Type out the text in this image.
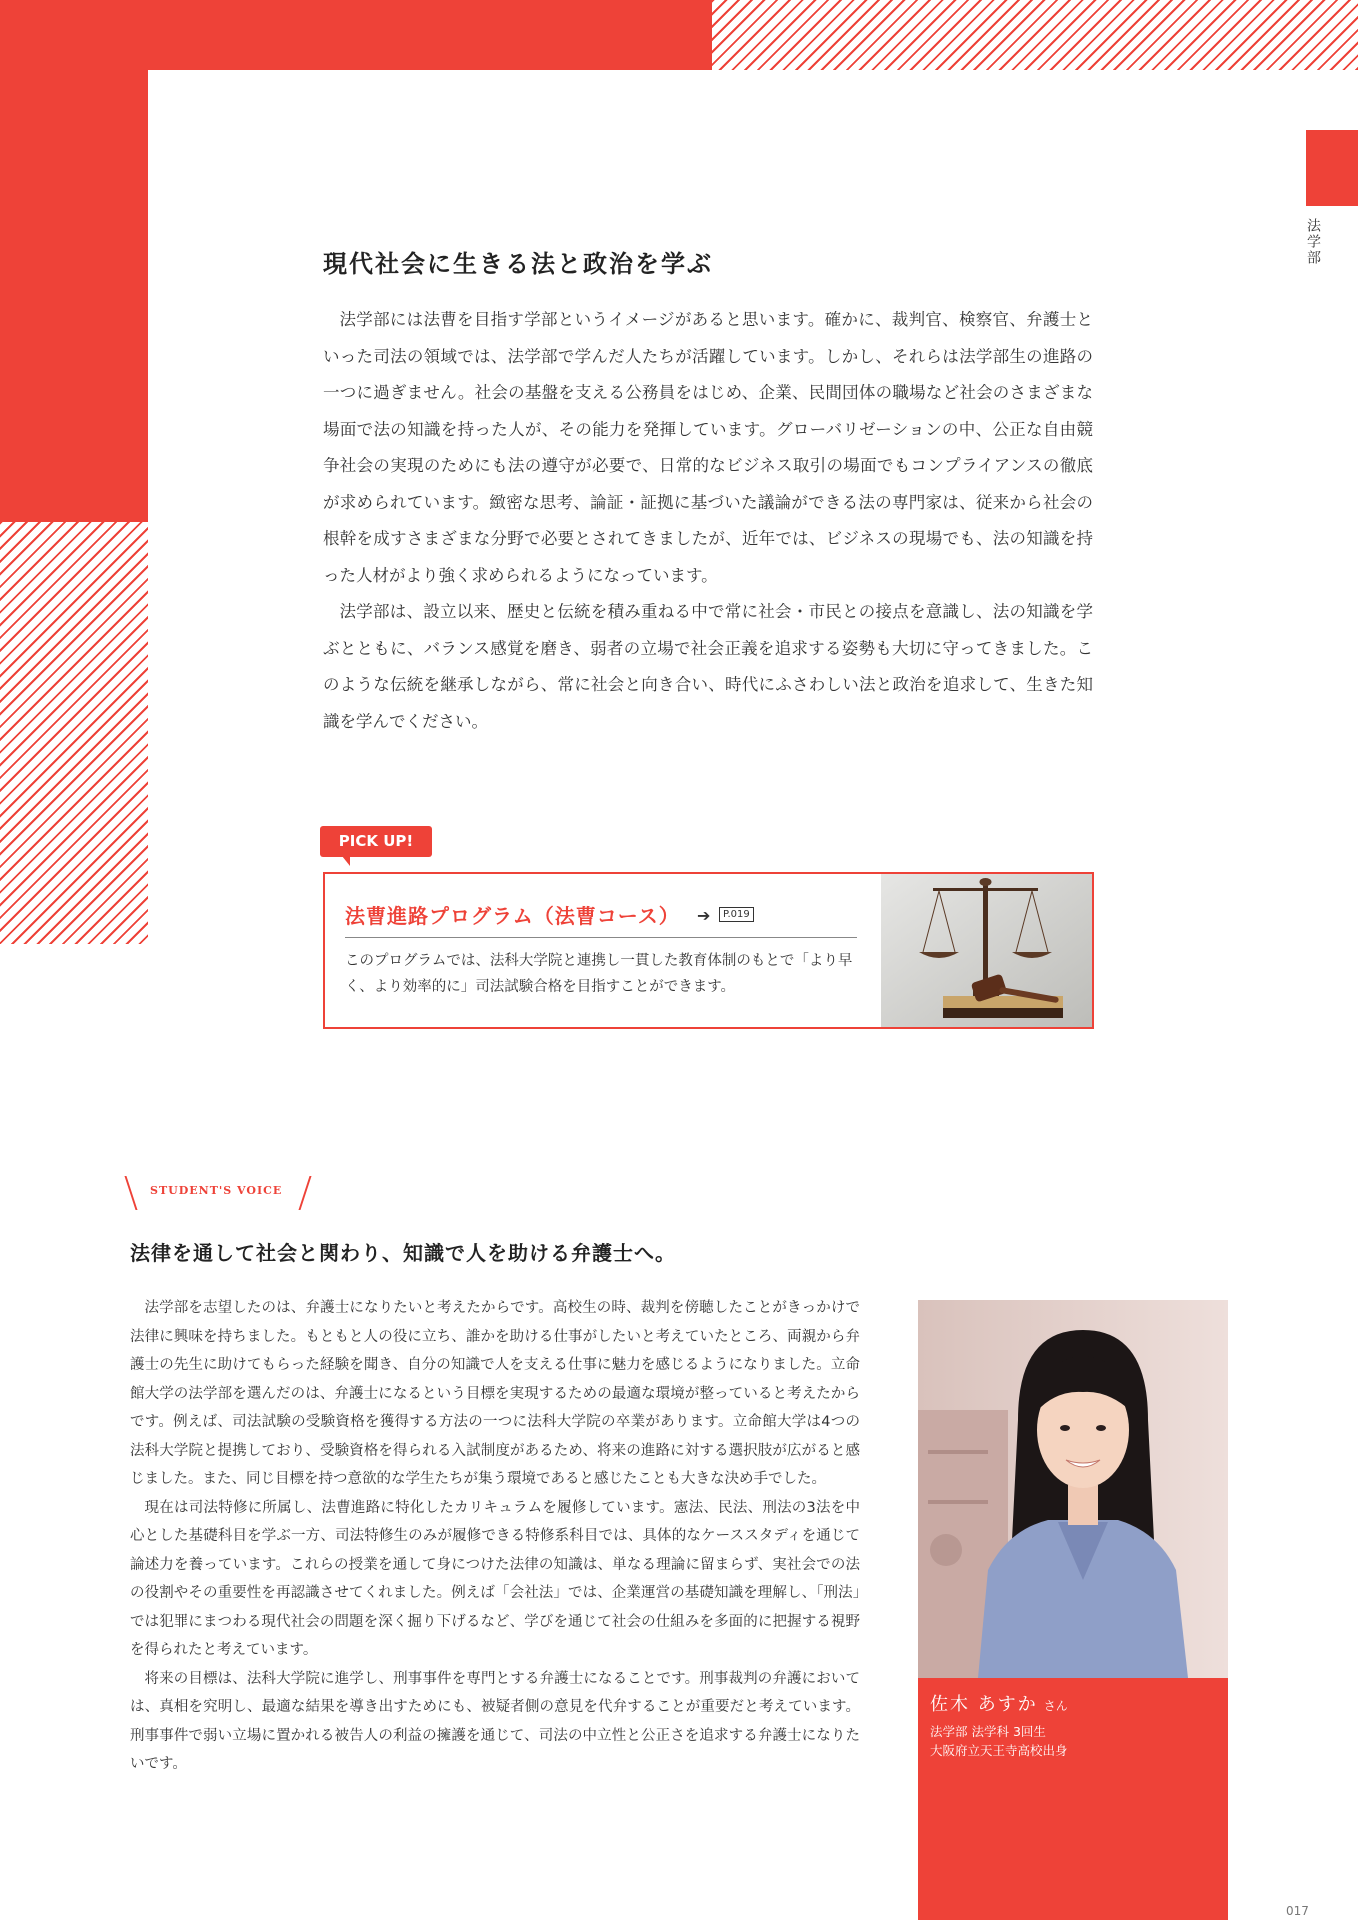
法学部
現代社会に生きる法と政治を学ぶ

法学部には法曹を目指す学部というイメージがあると思います。確かに、裁判官、検察官、弁護士といった司法の領域では、法学部で学んだ人たちが活躍しています。しかし、それらは法学部生の進路の一つに過ぎません。社会の基盤を支える公務員をはじめ、企業、民間団体の職場など社会のさまざまな場面で法の知識を持った人が、その能力を発揮しています。グローバリゼーションの中、公正な自由競争社会の実現のためにも法の遵守が必要で、日常的なビジネス取引の場面でもコンプライアンスの徹底が求められています。緻密な思考、論証・証拠に基づいた議論ができる法の専門家は、従来から社会の根幹を成すさまざまな分野で必要とされてきましたが、近年では、ビジネスの現場でも、法の知識を持った人材がより強く求められるようになっています。

法学部は、設立以来、歴史と伝統を積み重ねる中で常に社会・市民との接点を意識し、法の知識を学ぶとともに、バランス感覚を磨き、弱者の立場で社会正義を追求する姿勢も大切に守ってきました。このような伝統を継承しながら、常に社会と向き合い、時代にふさわしい法と政治を追求して、生きた知識を学んでください。

PICK UP!
法曹進路プログラム（法曹コース） ➔	P.019

このプログラムでは、法科大学院と連携し一貫した教育体制のもとで「より早く、より効率的に」司法試験合格を目指すことができます。

STUDENT'S VOICE
法律を通して社会と関わり、知識で人を助ける弁護士へ。

法学部を志望したのは、弁護士になりたいと考えたからです。高校生の時、裁判を傍聴したことがきっかけで法律に興味を持ちました。もともと人の役に立ち、誰かを助ける仕事がしたいと考えていたところ、両親から弁護士の先生に助けてもらった経験を聞き、自分の知識で人を支える仕事に魅力を感じるようになりました。立命館大学の法学部を選んだのは、弁護士になるという目標を実現するための最適な環境が整っていると考えたからです。例えば、司法試験の受験資格を獲得する方法の一つに法科大学院の卒業があります。立命館大学は4つの法科大学院と提携しており、受験資格を得られる入試制度があるため、将来の進路に対する選択肢が広がると感じました。また、同じ目標を持つ意欲的な学生たちが集う環境であると感じたことも大きな決め手でした。

現在は司法特修に所属し、法曹進路に特化したカリキュラムを履修しています。憲法、民法、刑法の3法を中心とした基礎科目を学ぶ一方、司法特修生のみが履修できる特修系科目では、具体的なケーススタディを通じて論述力を養っています。これらの授業を通して身につけた法律の知識は、単なる理論に留まらず、実社会での法の役割やその重要性を再認識させてくれました。例えば「会社法」では、企業運営の基礎知識を理解し、「刑法」では犯罪にまつわる現代社会の問題を深く掘り下げるなど、学びを通じて社会の仕組みを多面的に把握する視野を得られたと考えています。

将来の目標は、法科大学院に進学し、刑事事件を専門とする弁護士になることです。刑事裁判の弁護においては、真相を究明し、最適な結果を導き出すためにも、被疑者側の意見を代弁することが重要だと考えています。刑事事件で弱い立場に置かれる被告人の利益の擁護を通じて、司法の中立性と公正さを追求する弁護士になりたいです。

佐木 あすか さん
法学部 法学科 3回生
大阪府立天王寺高校出身
017
